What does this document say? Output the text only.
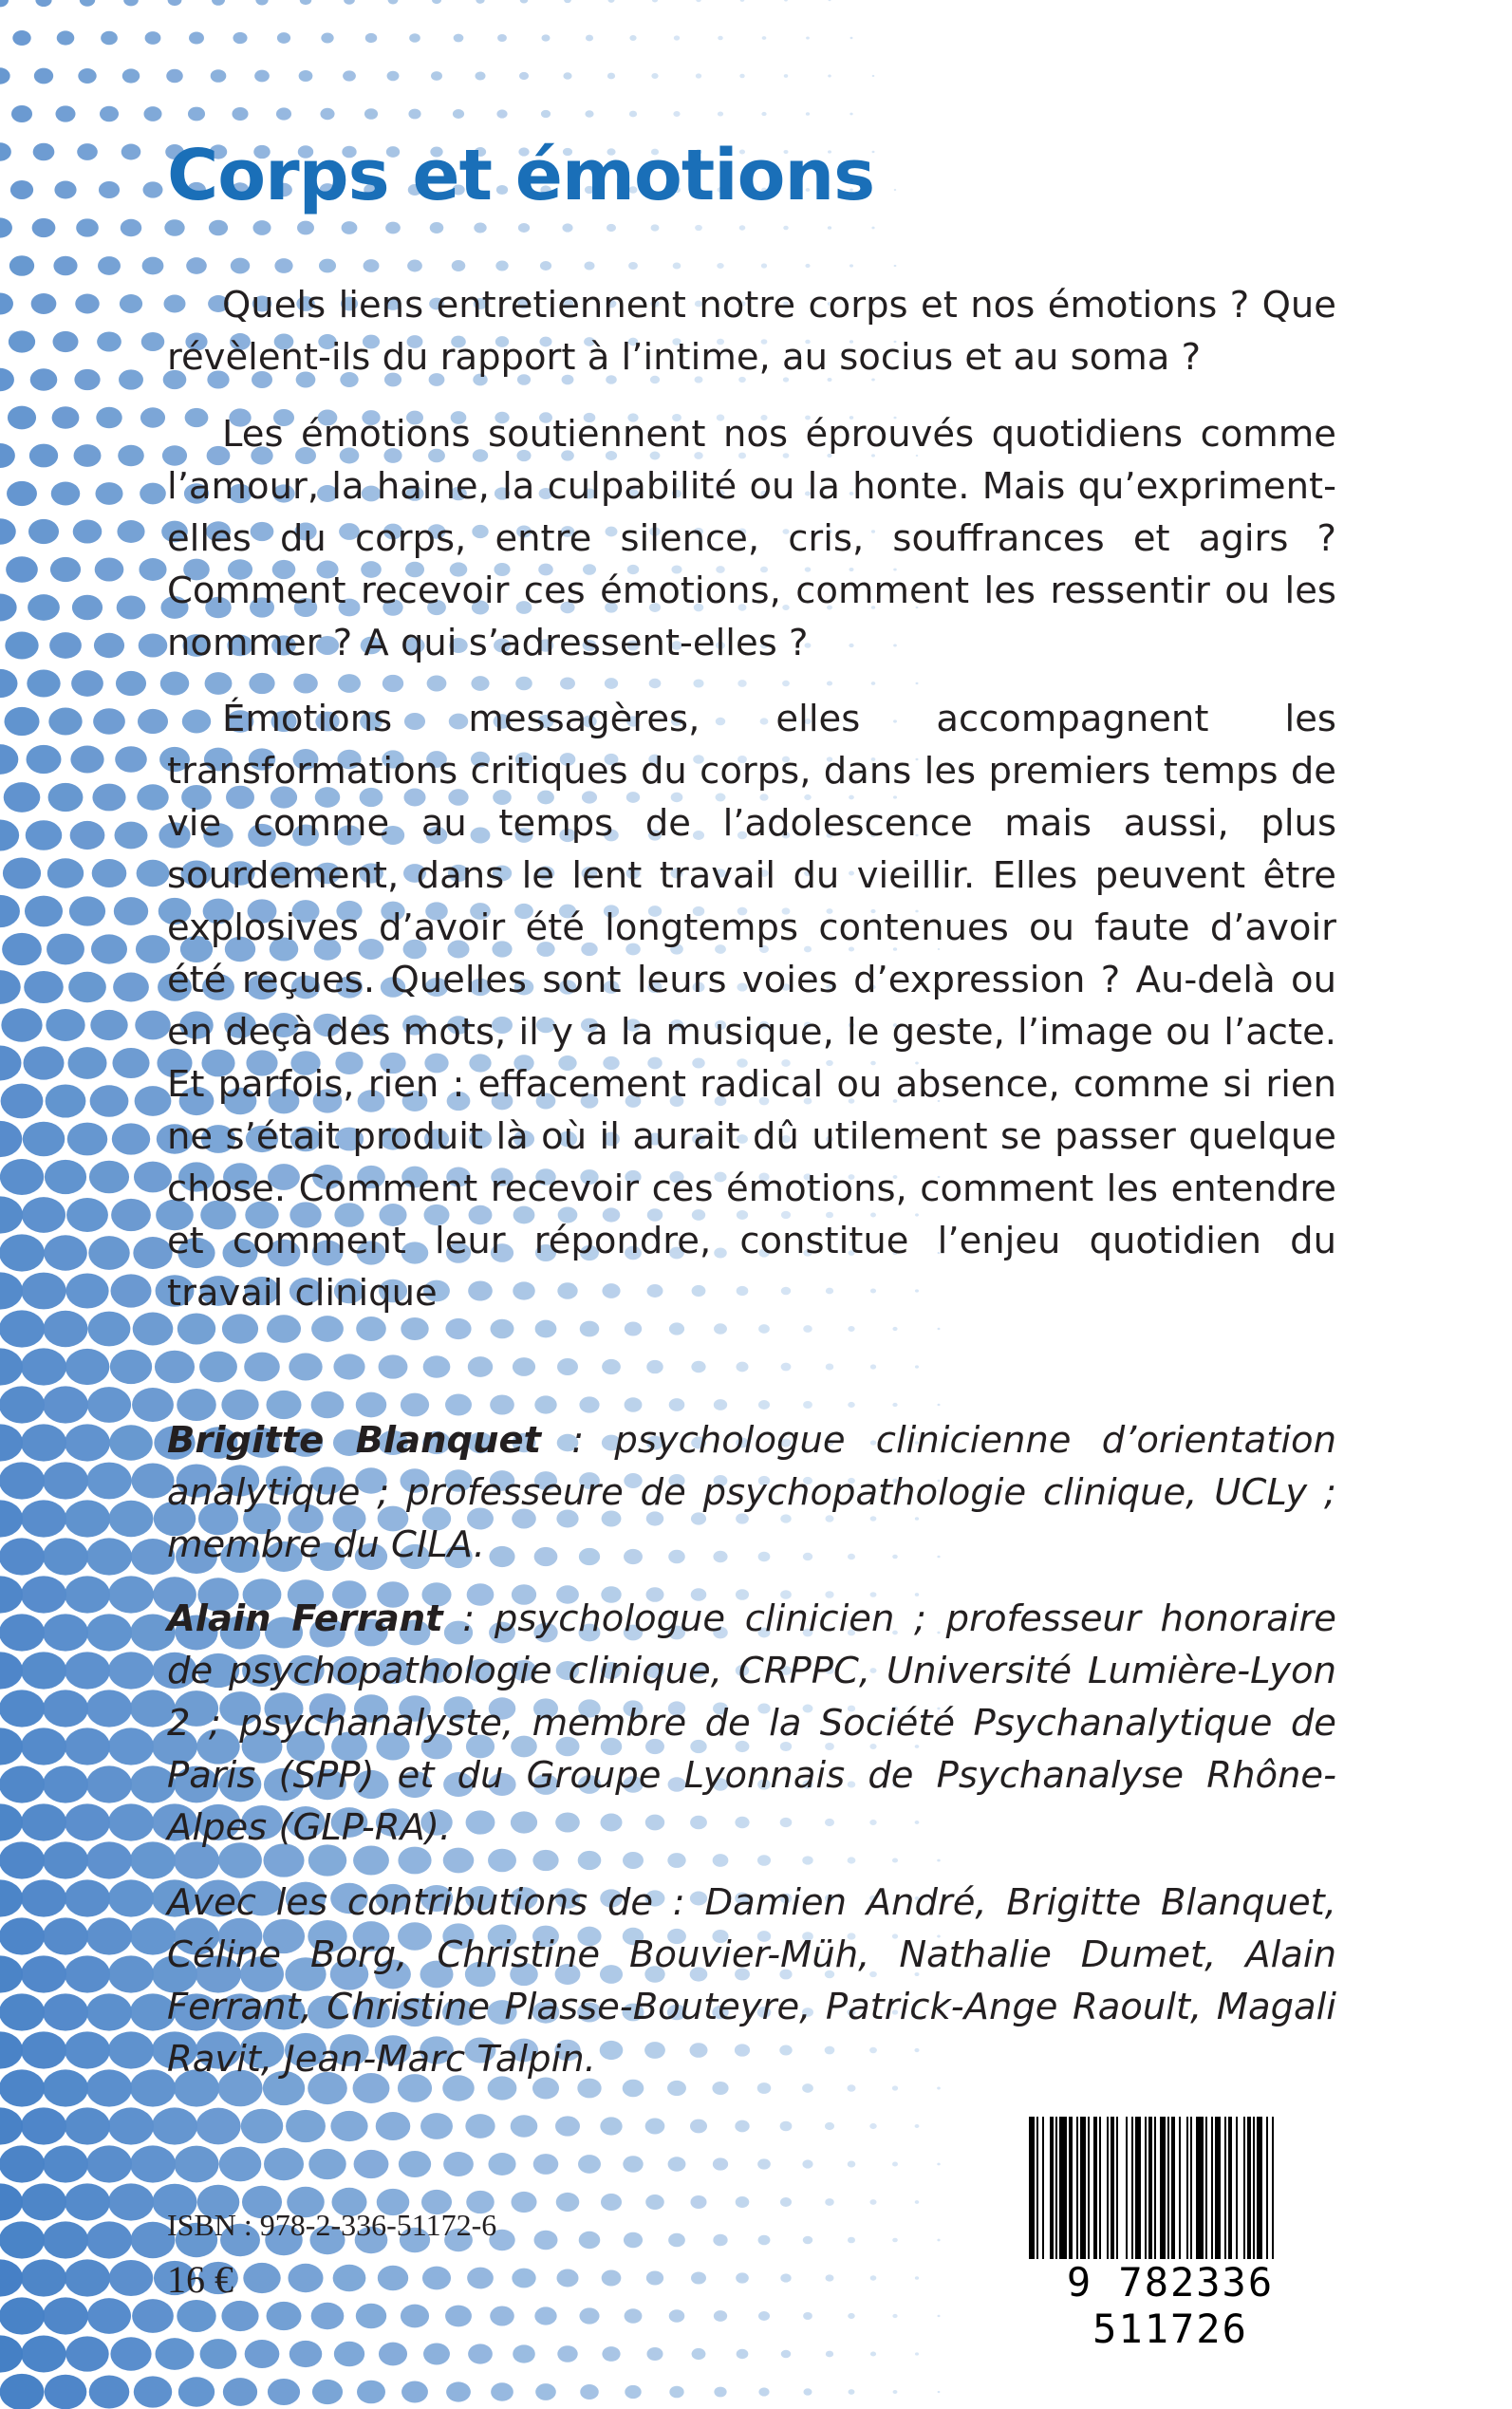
Corps et émotions

Quels liens entretiennent notre corps et nos émotions ? Que révèlent-ils du rapport à l’intime, au socius et au soma ?

Les émotions soutiennent nos éprouvés quotidiens comme l’amour, la haine, la culpabilité ou la honte. Mais qu’expriment-elles du corps, entre silence, cris, souffrances et agirs ? Comment recevoir ces émotions, comment les ressentir ou les nommer ? A qui s’adressent-elles ?

Émotions messagères, elles accompagnent les transformations critiques du corps, dans les premiers temps de vie comme au temps de l’adolescence mais aussi, plus sourdement, dans le lent travail du vieillir. Elles peuvent être explosives d’avoir été longtemps contenues ou faute d’avoir été reçues. Quelles sont leurs voies d’expression ? Au-delà ou en deçà des mots, il y a la musique, le geste, l’image ou l’acte. Et parfois, rien : effacement radical ou absence, comme si rien ne s’était produit là où il aurait dû utilement se passer quelque chose. Comment recevoir ces émotions, comment les entendre et comment leur répondre, constitue l’enjeu quotidien du travail clinique

Brigitte Blanquet : psychologue clinicienne d’orientation analytique ; professeure de psychopathologie clinique, UCLy ; membre du CILA.

Alain Ferrant : psychologue clinicien ; professeur honoraire de psychopathologie clinique, CRPPC, Université Lumière-Lyon 2 ; psychanalyste, membre de la Société Psychanalytique de Paris (SPP) et du Groupe Lyonnais de Psychanalyse Rhône-Alpes (GLP-RA).

Avec les contributions de : Damien André, Brigitte Blanquet, Céline Borg, Christine Bouvier-Müh, Nathalie Dumet, Alain Ferrant, Christine Plasse-Bouteyre, Patrick-Ange Raoult, Magali Ravit, Jean-Marc Talpin.

ISBN : 978-2-336-51172-6
16 €	9 782336 511726
